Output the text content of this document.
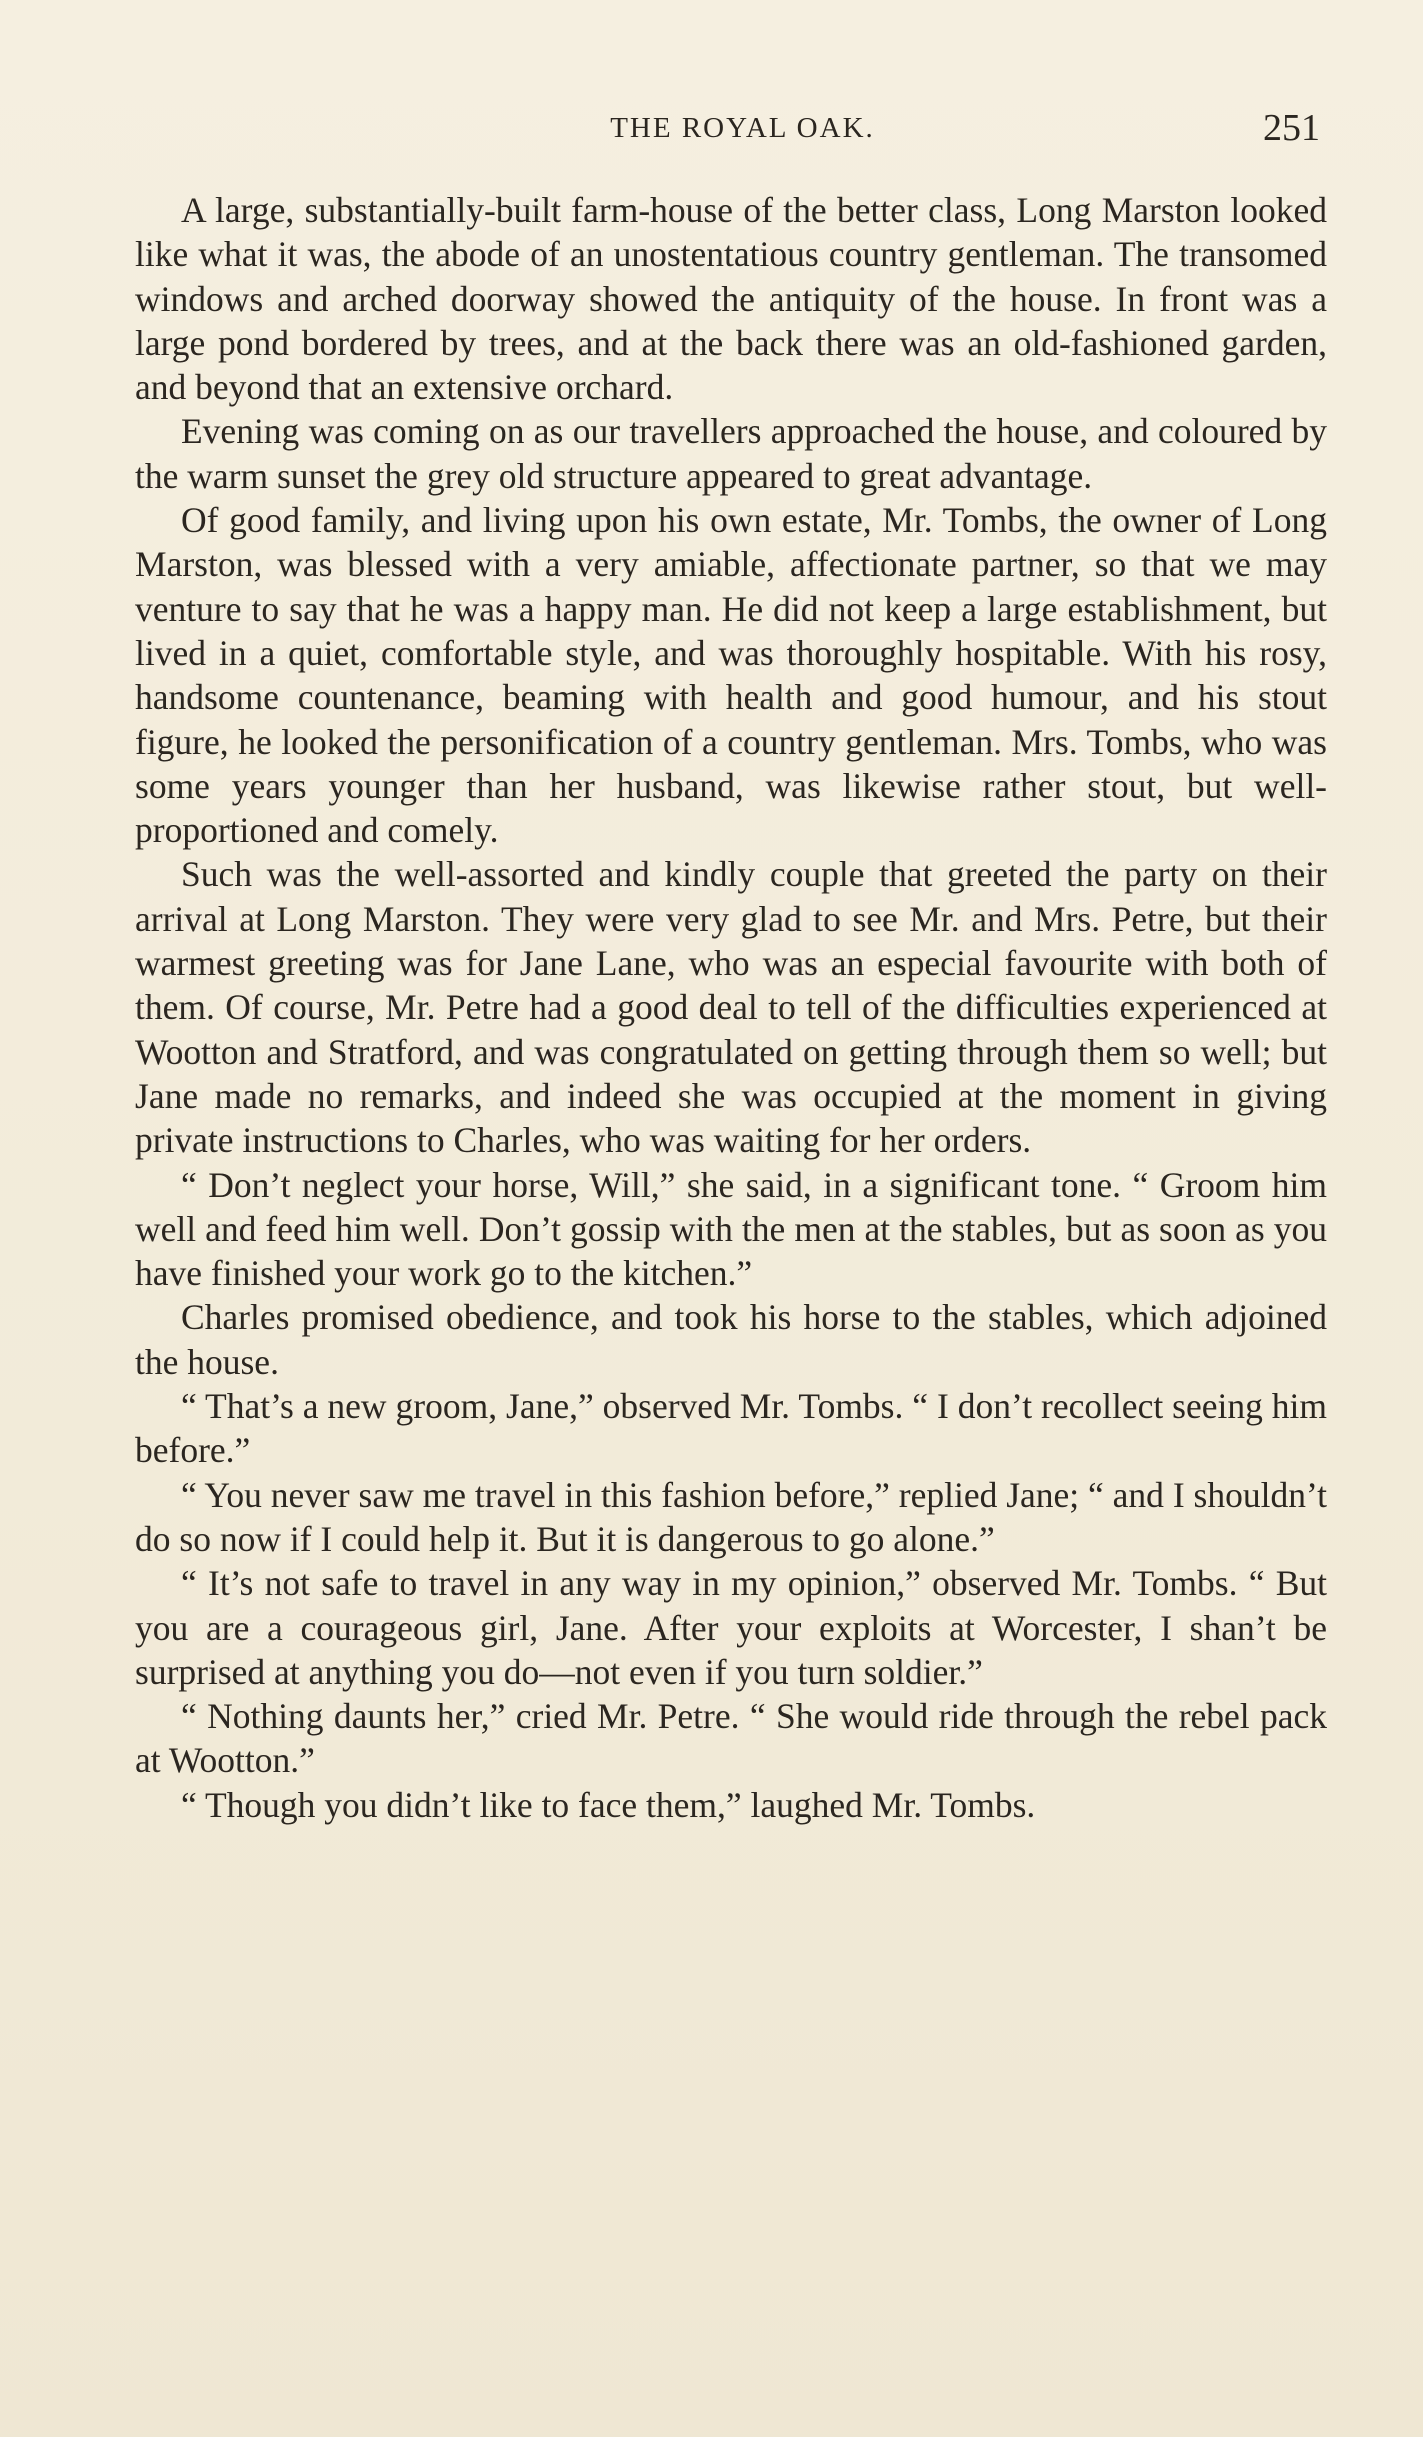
THE ROYAL OAK.	251

A large, substantially-built farm-house of the better class, Long Marston looked like what it was, the abode of an unostentatious country gentleman. The transomed windows and arched doorway showed the antiquity of the house. In front was a large pond bordered by trees, and at the back there was an old-fashioned garden, and beyond that an extensive orchard.

Evening was coming on as our travellers approached the house, and coloured by the warm sunset the grey old structure appeared to great advantage.

Of good family, and living upon his own estate, Mr. Tombs, the owner of Long Marston, was blessed with a very amiable, affectionate partner, so that we may venture to say that he was a happy man. He did not keep a large establishment, but lived in a quiet, comfortable style, and was thoroughly hospitable. With his rosy, handsome countenance, beaming with health and good humour, and his stout figure, he looked the personification of a country gentleman. Mrs. Tombs, who was some years younger than her husband, was likewise rather stout, but well-proportioned and comely.

Such was the well-assorted and kindly couple that greeted the party on their arrival at Long Marston. They were very glad to see Mr. and Mrs. Petre, but their warmest greeting was for Jane Lane, who was an especial favourite with both of them. Of course, Mr. Petre had a good deal to tell of the difficulties experienced at Wootton and Stratford, and was congratulated on getting through them so well; but Jane made no remarks, and indeed she was occupied at the moment in giving private instructions to Charles, who was waiting for her orders.

“ Don’t neglect your horse, Will,” she said, in a significant tone. “ Groom him well and feed him well. Don’t gossip with the men at the stables, but as soon as you have finished your work go to the kitchen.”

Charles promised obedience, and took his horse to the stables, which adjoined the house.

“ That’s a new groom, Jane,” observed Mr. Tombs. “ I don’t recollect seeing him before.”

“ You never saw me travel in this fashion before,” replied Jane; “ and I shouldn’t do so now if I could help it. But it is dangerous to go alone.”

“ It’s not safe to travel in any way in my opinion,” observed Mr. Tombs. “ But you are a courageous girl, Jane. After your exploits at Worcester, I shan’t be surprised at anything you do—not even if you turn soldier.”

“ Nothing daunts her,” cried Mr. Petre. “ She would ride through the rebel pack at Wootton.”

“ Though you didn’t like to face them,” laughed Mr. Tombs.
